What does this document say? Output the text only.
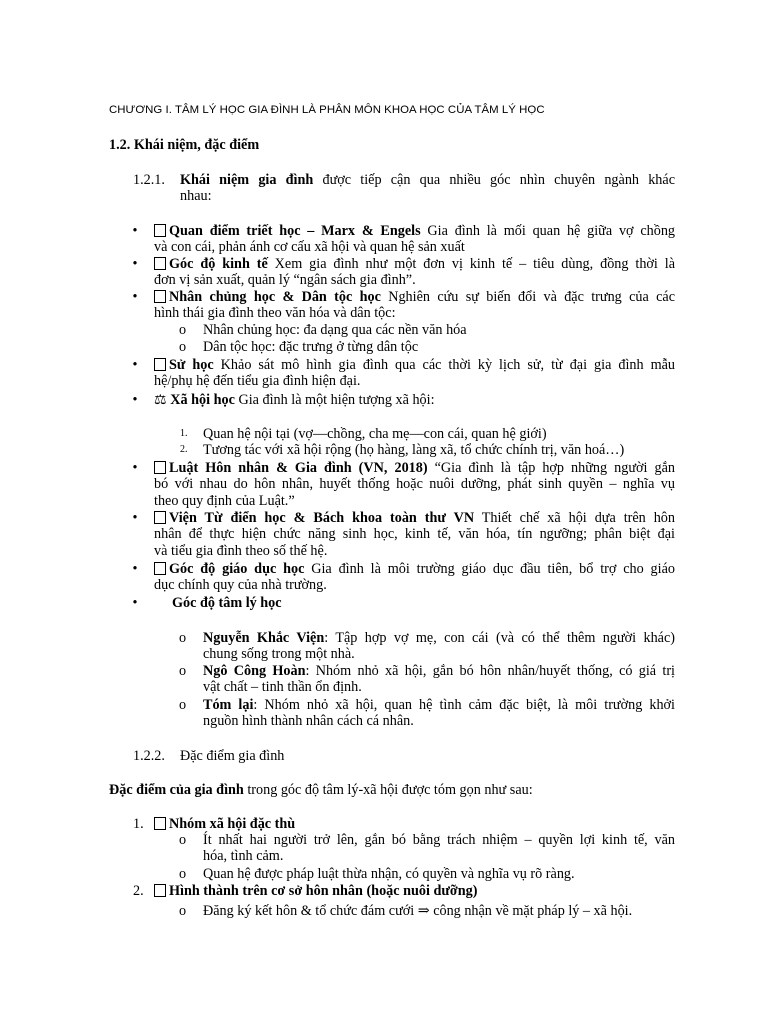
CHƯƠNG I. TÂM LÝ HỌC GIA ĐÌNH LÀ PHÂN MÔN KHOA HỌC CỦA TÂM LÝ HỌC
1.2. Khái niệm, đặc điểm
1.2.1. Khái niệm gia đình được tiếp cận qua nhiều góc nhìn chuyên ngành khác

nhau:

•	Quan điểm triết học – Marx & Engels Gia đình là mối quan hệ giữa vợ chồng

và con cái, phản ánh cơ cấu xã hội và quan hệ sản xuất

•	Góc độ kinh tế Xem gia đình như một đơn vị kinh tế – tiêu dùng, đồng thời là

đơn vị sản xuất, quản lý “ngân sách gia đình”.

•	Nhân chủng học & Dân tộc học Nghiên cứu sự biến đổi và đặc trưng của các

hình thái gia đình theo văn hóa và dân tộc:

o Nhân chủng học: đa dạng qua các nền văn hóa
o Dân tộc học: đặc trưng ở từng dân tộc
•	Sử học Khảo sát mô hình gia đình qua các thời kỳ lịch sử, từ đại gia đình mẫu

hệ/phụ hệ đến tiểu gia đình hiện đại.

• ⚖ Xã hội học Gia đình là một hiện tượng xã hội:

1. Quan hệ nội tại (vợ—chồng, cha mẹ—con cái, quan hệ giới)
2. Tương tác với xã hội rộng (họ hàng, làng xã, tổ chức chính trị, văn hoá…)
•	Luật Hôn nhân & Gia đình (VN, 2018) “Gia đình là tập hợp những người gắn

bó với nhau do hôn nhân, huyết thống hoặc nuôi dưỡng, phát sinh quyền – nghĩa vụ

theo quy định của Luật.”

•	Viện Từ điển học & Bách khoa toàn thư VN Thiết chế xã hội dựa trên hôn

nhân để thực hiện chức năng sinh học, kinh tế, văn hóa, tín ngưỡng; phân biệt đại

và tiểu gia đình theo số thế hệ.

•	Góc độ giáo dục học Gia đình là môi trường giáo dục đầu tiên, bổ trợ cho giáo

dục chính quy của nhà trường.

• Góc độ tâm lý học

o Nguyễn Khắc Viện: Tập hợp vợ mẹ, con cái (và có thể thêm người khác)

chung sống trong một nhà.

o Ngô Công Hoàn: Nhóm nhỏ xã hội, gắn bó hôn nhân/huyết thống, có giá trị

vật chất – tinh thần ổn định.

o Tóm lại: Nhóm nhỏ xã hội, quan hệ tình cảm đặc biệt, là môi trường khởi

nguồn hình thành nhân cách cá nhân.

1.2.2. Đặc điểm gia đình

Đặc điểm của gia đình trong góc độ tâm lý-xã hội được tóm gọn như sau:

1.	Nhóm xã hội đặc thù

o Ít nhất hai người trở lên, gắn bó bằng trách nhiệm – quyền lợi kinh tế, văn

hóa, tình cảm.

o Quan hệ được pháp luật thừa nhận, có quyền và nghĩa vụ rõ ràng.
2.	Hình thành trên cơ sở hôn nhân (hoặc nuôi dưỡng)

o Đăng ký kết hôn & tổ chức đám cưới ⇒ công nhận về mặt pháp lý – xã hội.
